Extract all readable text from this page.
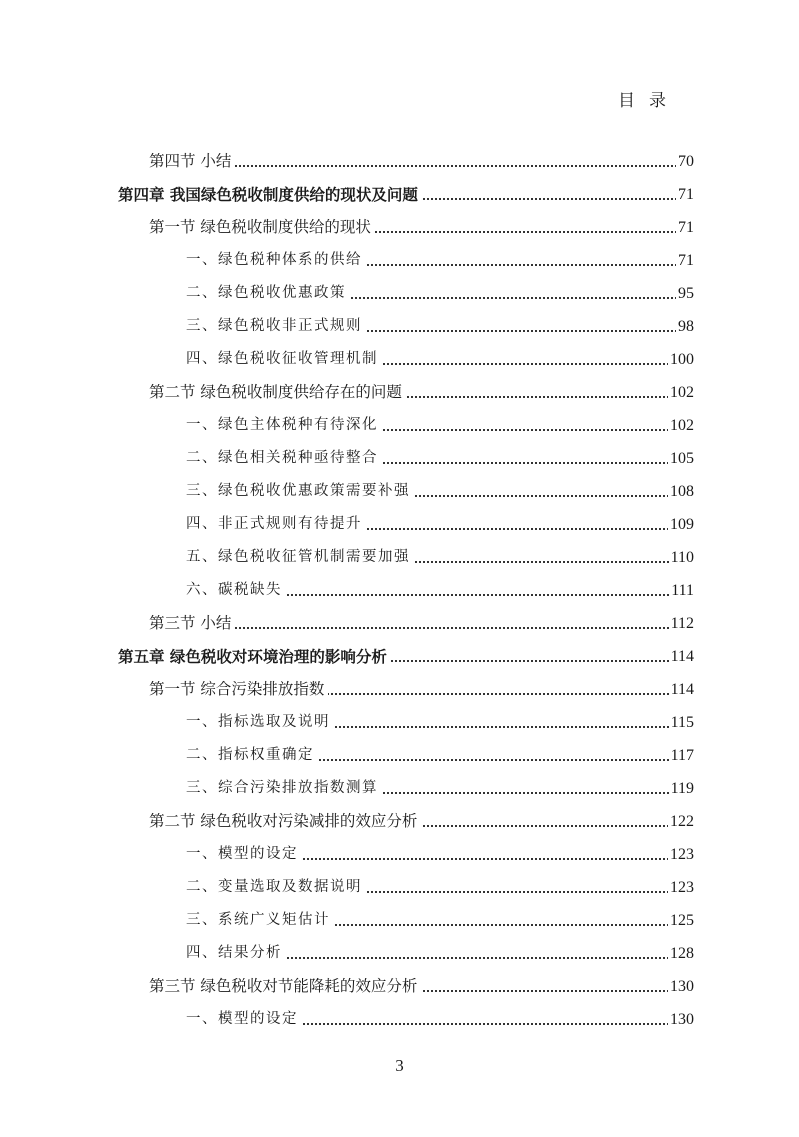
目录
第四节 小结	70
第四章 我国绿色税收制度供给的现状及问题	71
第一节 绿色税收制度供给的现状	71
一、绿色税种体系的供给	71
二、绿色税收优惠政策	95
三、绿色税收非正式规则	98
四、绿色税收征收管理机制	100
第二节 绿色税收制度供给存在的问题	102
一、绿色主体税种有待深化	102
二、绿色相关税种亟待整合	105
三、绿色税收优惠政策需要补强	108
四、非正式规则有待提升	109
五、绿色税收征管机制需要加强	110
六、碳税缺失	111
第三节 小结	112
第五章 绿色税收对环境治理的影响分析	114
第一节 综合污染排放指数	114
一、指标选取及说明	115
二、指标权重确定	117
三、综合污染排放指数测算	119
第二节 绿色税收对污染减排的效应分析	122
一、模型的设定	123
二、变量选取及数据说明	123
三、系统广义矩估计	125
四、结果分析	128
第三节 绿色税收对节能降耗的效应分析	130
一、模型的设定	130
3
